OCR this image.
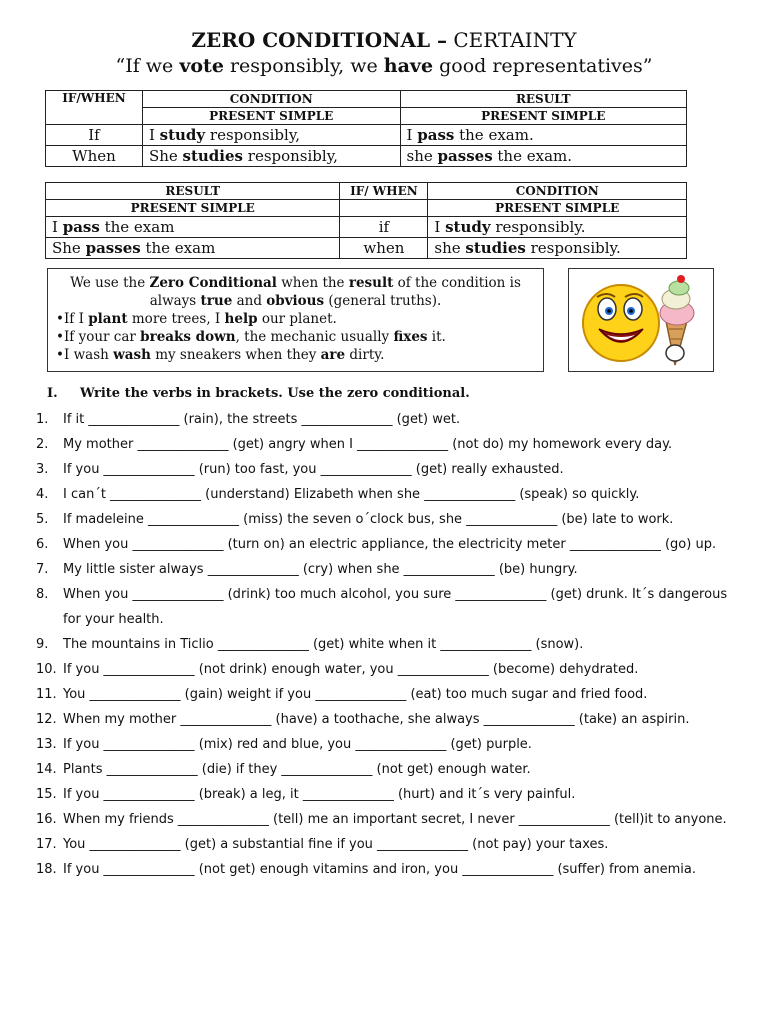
ZERO CONDITIONAL – CERTAINTY
“If we vote responsibly, we have good representatives”
IF/WHEN	CONDITION	RESULT
	PRESENT SIMPLE	PRESENT SIMPLE
If	I study responsibly,	I pass the exam.
When	She studies responsibly,	she passes the exam.
RESULT	IF/ WHEN	CONDITION
PRESENT SIMPLE		PRESENT SIMPLE
I pass the exam	if	I study responsibly.
She passes the exam	when	she studies responsibly.
We use the Zero Conditional when the result of the condition is
always true and obvious (general truths).
•If I plant more trees, I help our planet.
•If your car breaks down, the mechanic usually fixes it.
•I wash wash my sneakers when they are dirty.
I. Write the verbs in brackets. Use the zero conditional.
1. If it ______________ (rain), the streets ______________ (get) wet.
2. My mother ______________ (get) angry when I ______________ (not do) my homework every day.
3. If you ______________ (run) too fast, you ______________ (get) really exhausted.
4. I can´t ______________ (understand) Elizabeth when she ______________ (speak) so quickly.
5. If madeleine ______________ (miss) the seven o´clock bus, she ______________ (be) late to work.
6. When you ______________ (turn on) an electric appliance, the electricity meter ______________ (go) up.
7. My little sister always ______________ (cry) when she ______________ (be) hungry.
8. When you ______________ (drink) too much alcohol, you sure ______________ (get) drunk. It´s dangerous for your health.
9. The mountains in Ticlio ______________ (get) white when it ______________ (snow).
10. If you ______________ (not drink) enough water, you ______________ (become) dehydrated.
11. You ______________ (gain) weight if you ______________ (eat) too much sugar and fried food.
12. When my mother ______________ (have) a toothache, she always ______________ (take) an aspirin.
13. If you ______________ (mix) red and blue, you ______________ (get) purple.
14. Plants ______________ (die) if they ______________ (not get) enough water.
15. If you ______________ (break) a leg, it ______________ (hurt) and it´s very painful.
16. When my friends ______________ (tell) me an important secret, I never ______________ (tell)it to anyone.
17. You ______________ (get) a substantial fine if you ______________ (not pay) your taxes.
18. If you ______________ (not get) enough vitamins and iron, you ______________ (suffer) from anemia.
